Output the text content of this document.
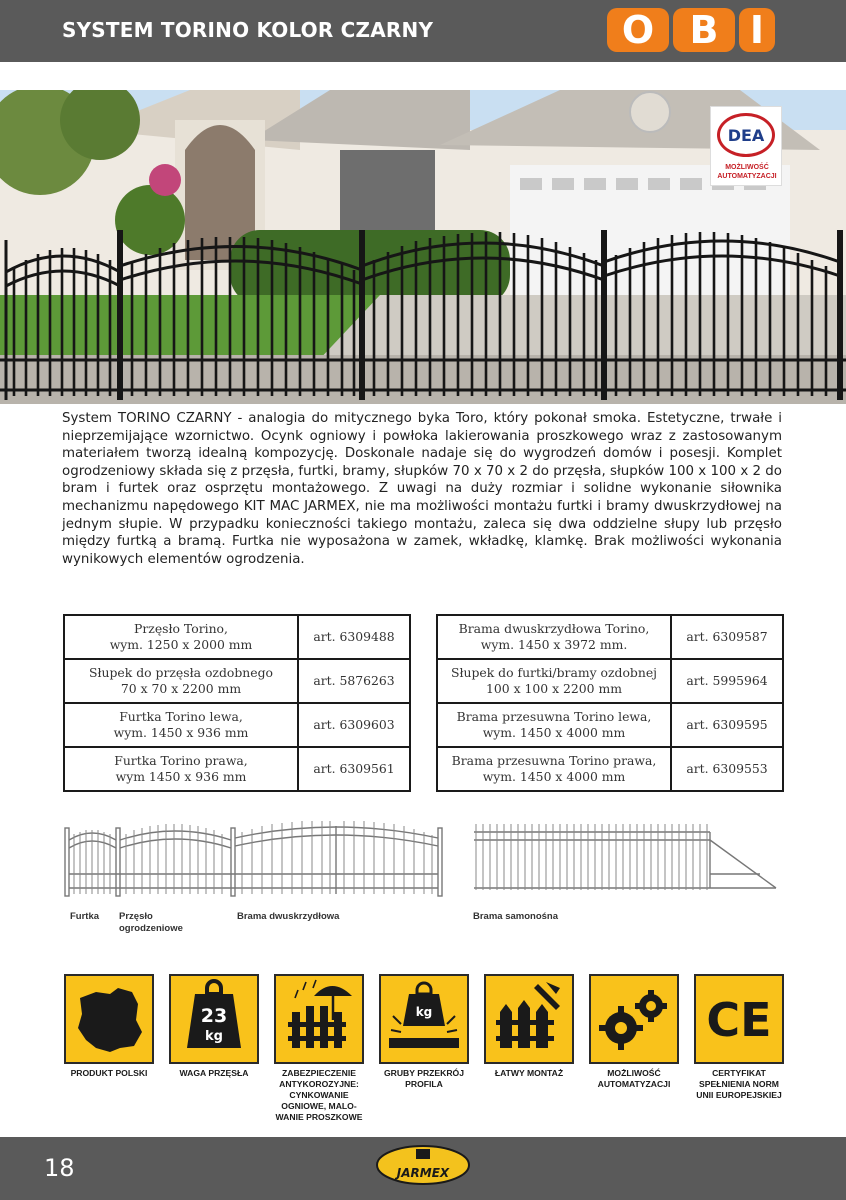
SYSTEM TORINO KOLOR CZARNY	O B I
DEA
MOŻLIWOŚĆ
AUTOMATYZACJI
System TORINO CZARNY - analogia do mitycznego byka Toro, który pokonał smoka. Estetyczne, trwałe i nieprzemijające wzornictwo. Ocynk ogniowy i powłoka lakierowania proszkowego wraz z zastosowanym materiałem tworzą idealną kompozycję. Doskonale nadaje się do wygrodzeń domów i posesji. Komplet ogrodzeniowy składa się z przęsła, furtki, bramy, słupków 70 x 70 x 2 do przęsła, słupków 100 x 100 x 2 do bram i furtek oraz osprzętu montażowego. Z uwagi na duży rozmiar i solidne wykonanie siłownika mechanizmu napędowego KIT MAC JARMEX, nie ma możliwości montażu furtki i bramy dwuskrzydłowej na jednym słupie. W przypadku konieczności takiego montażu, zaleca się dwa oddzielne słupy lub przęsło między furtką a bramą. Furtka nie wyposażona w zamek, wkładkę, klamkę. Brak możliwości wykonania wynikowych elementów ogrodzenia.
Przęsło Torino,
wym. 1250 x 2000 mm	art. 6309488

Słupek do przęsła ozdobnego
70 x 70 x 2200 mm	art. 5876263

Furtka Torino lewa,
wym. 1450 x 936 mm	art. 6309603

Furtka Torino prawa,
wym 1450 x 936 mm	art. 6309561
Brama dwuskrzydłowa Torino,
wym. 1450 x 3972 mm.	art. 6309587

Słupek do furtki/bramy ozdobnej
100 x 100 x 2200 mm	art. 5995964

Brama przesuwna Torino lewa,
wym. 1450 x 4000 mm	art. 6309595

Brama przesuwna Torino prawa,
wym. 1450 x 4000 mm	art. 6309553
Furtka Przęsło
ogrodzeniowe
Brama dwuskrzydłowa	Brama samonośna
PRODUKT POLSKI
23
kg
WAGA PRZĘSŁA	ZABEZPIECZENIE
ANTYKOROZYJNE:
CYNKOWANIE
OGNIOWE, MALO-
WANIE PROSZKOWE
kg
GRUBY PRZEKRÓJ
PROFILA
ŁATWY MONTAŻ	MOŻLIWOŚĆ
AUTOMATYZACJI
CE
CERTYFIKAT
SPEŁNIENIA NORM
UNII EUROPEJSKIEJ
18	JARMEX
